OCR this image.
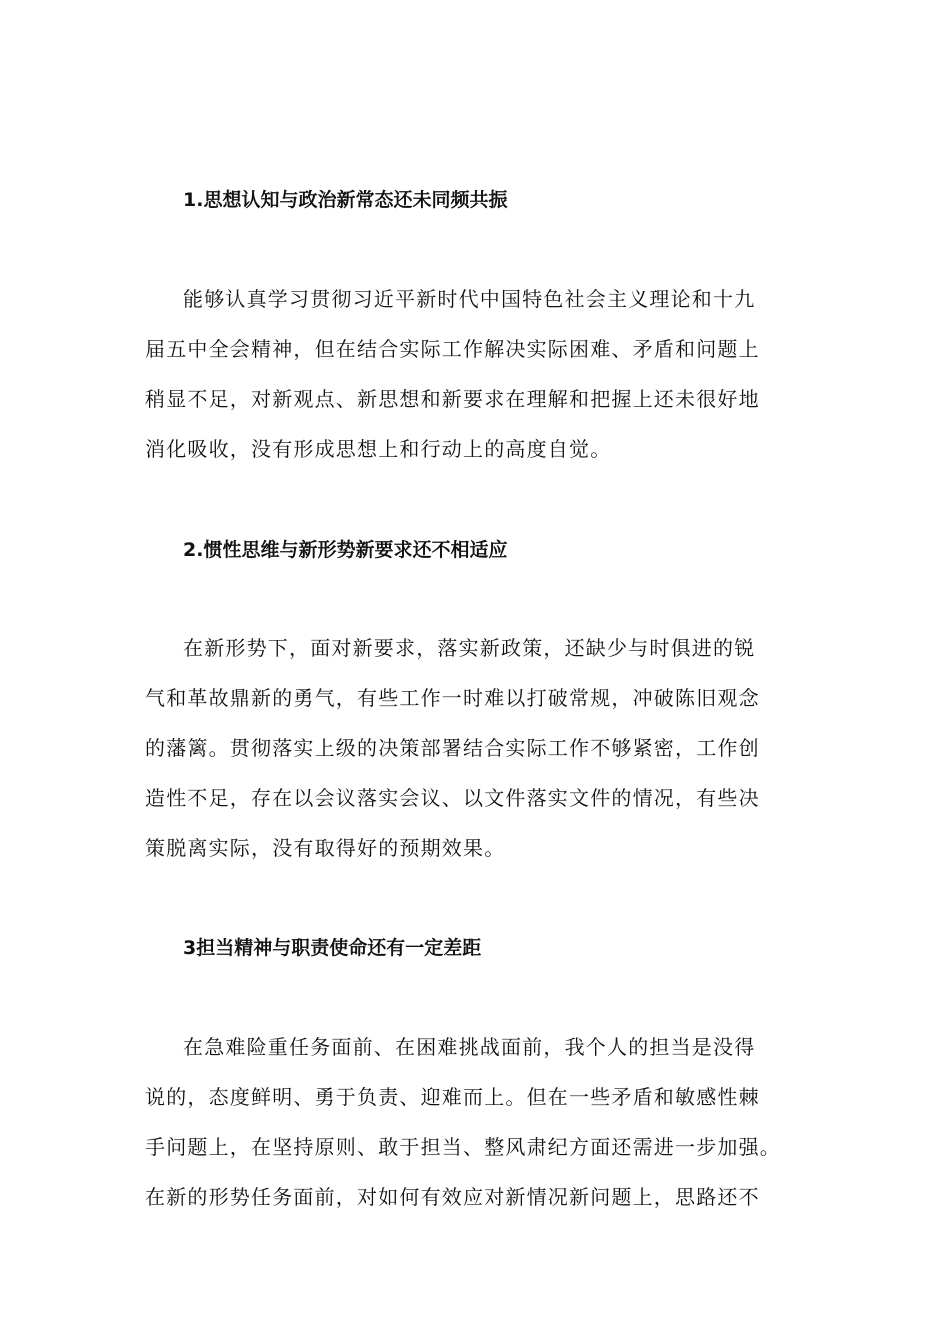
1.思想认知与政治新常态还未同频共振
能够认真学习贯彻习近平新时代中国特色社会主义理论和十九
届五中全会精神，但在结合实际工作解决实际困难、矛盾和问题上
稍显不足，对新观点、新思想和新要求在理解和把握上还未很好地
消化吸收，没有形成思想上和行动上的高度自觉。
2.惯性思维与新形势新要求还不相适应
在新形势下，面对新要求，落实新政策，还缺少与时俱进的锐
气和革故鼎新的勇气，有些工作一时难以打破常规，冲破陈旧观念
的藩篱。贯彻落实上级的决策部署结合实际工作不够紧密，工作创
造性不足，存在以会议落实会议、以文件落实文件的情况，有些决
策脱离实际，没有取得好的预期效果。
3担当精神与职责使命还有一定差距
在急难险重任务面前、在困难挑战面前，我个人的担当是没得
说的，态度鲜明、勇于负责、迎难而上。但在一些矛盾和敏感性棘
手问题上，在坚持原则、敢于担当、整风肃纪方面还需进一步加强。
在新的形势任务面前，对如何有效应对新情况新问题上，思路还不
